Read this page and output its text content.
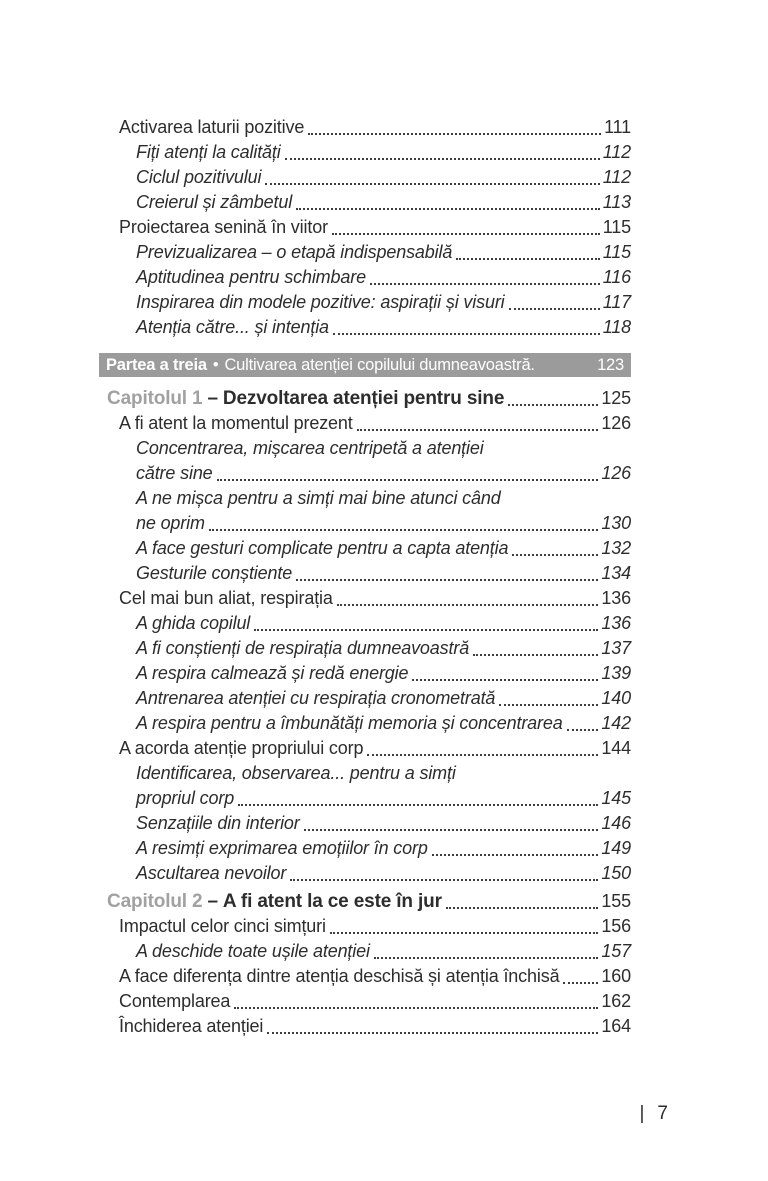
Activarea laturii pozitive	111
Fiți atenți la calități	112
Ciclul pozitivului	112
Creierul și zâmbetul	113
Proiectarea senină în viitor	115
Previzualizarea – o etapă indispensabilă	115
Aptitudinea pentru schimbare	116
Inspirarea din modele pozitive: aspirații și visuri	117
Atenția către... și intenția	118
Partea a treia • Cultivarea atenției copilului dumneavoastră.	123
Capitolul 1 – Dezvoltarea atenției pentru sine	125
A fi atent la momentul prezent	126
Concentrarea, mișcarea centripetă a atenției
către sine	126
A ne mișca pentru a simți mai bine atunci când
ne oprim	130
A face gesturi complicate pentru a capta atenția	132
Gesturile conștiente	134
Cel mai bun aliat, respirația	136
A ghida copilul	136
A fi conștienți de respirația dumneavoastră	137
A respira calmează și redă energie	139
Antrenarea atenției cu respirația cronometrată	140
A respira pentru a îmbunătăți memoria și concentrarea 142
A acorda atenție propriului corp	144
Identificarea, observarea... pentru a simți
propriul corp	145
Senzațiile din interior	146
A resimți exprimarea emoțiilor în corp	149
Ascultarea nevoilor	150
Capitolul 2 – A fi atent la ce este în jur	155
Impactul celor cinci simțuri	156
A deschide toate ușile atenției	157
A face diferența dintre atenția deschisă și atenția închisă 160
Contemplarea	162
Închiderea atenției	164
| 7
